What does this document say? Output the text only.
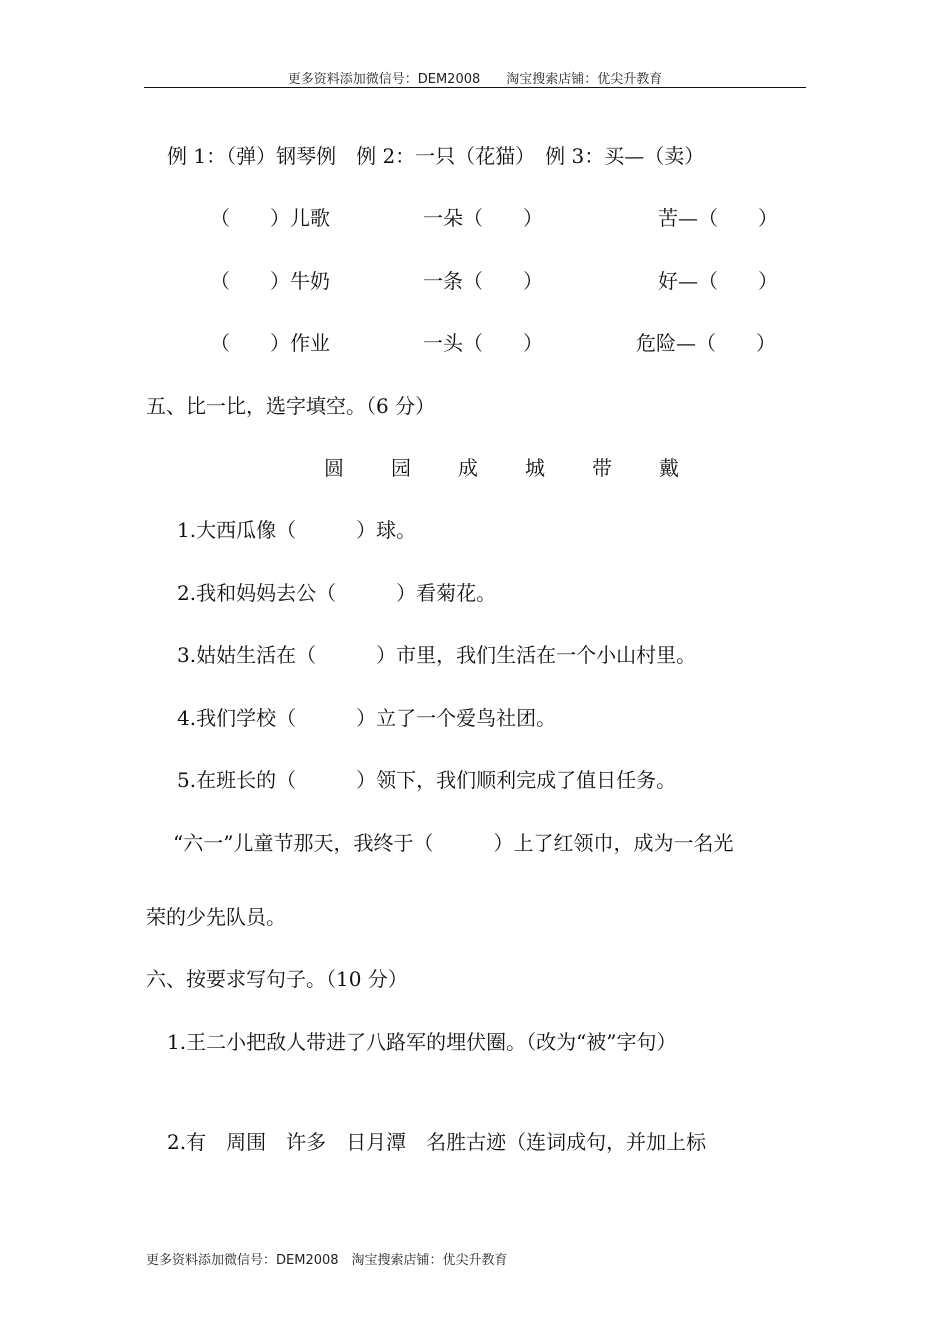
更多资料添加微信号：DEM2008　　淘宝搜索店铺：优尖升教育
例 1：（弹）钢琴例　例 2：一只（花猫）　例 3：买—（卖）
（　　）儿歌	一朵（　　）	苦—（　　）
（　　）牛奶	一条（　　）	好—（　　）
（　　）作业	一头（　　）	危险—（　　）
五、比一比，选字填空。（6 分）
圆 园 成 城 带 戴
1.大西瓜像（　　　）球。
2.我和妈妈去公（　　　）看菊花。
3.姑姑生活在（　　　）市里，我们生活在一个小山村里。
4.我们学校（　　　）立了一个爱鸟社团。
5.在班长的（　　　）领下，我们顺利完成了值日任务。
“六一”儿童节那天，我终于（　　　）上了红领巾，成为一名光
荣的少先队员。
六、按要求写句子。（10 分）
1.王二小把敌人带进了八路军的埋伏圈。（改为“被”字句）
2.有　周围　许多　日月潭　名胜古迹（连词成句，并加上标
更多资料添加微信号：DEM2008　淘宝搜索店铺：优尖升教育
